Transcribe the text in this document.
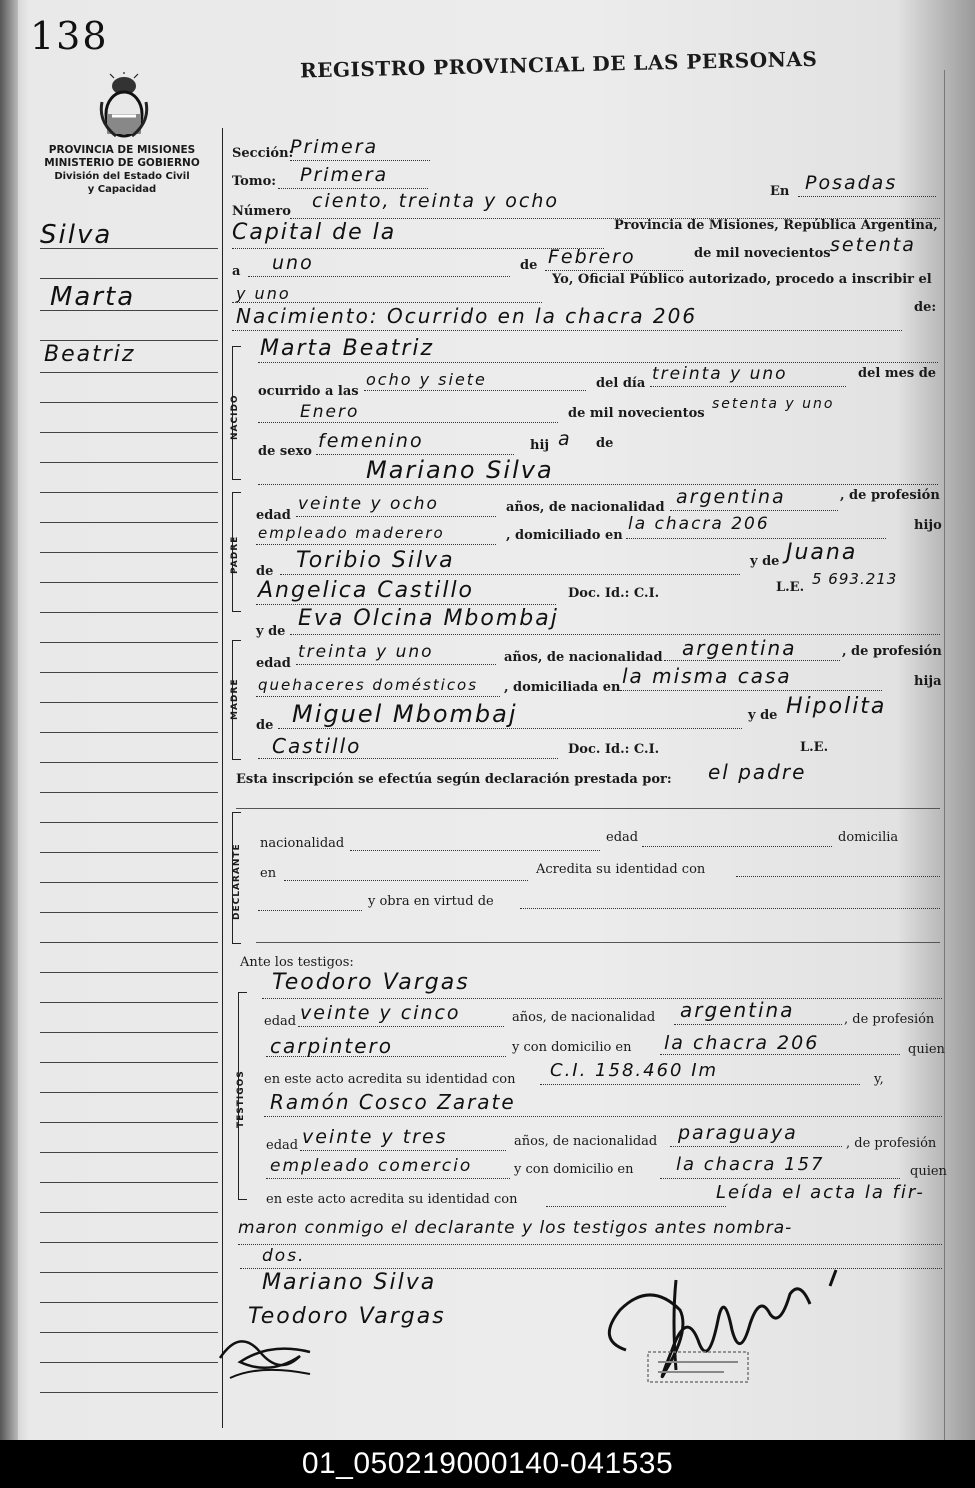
138
REGISTRO PROVINCIAL DE LAS PERSONAS
PROVINCIA DE MISIONES
MINISTERIO DE GOBIERNO
División del Estado Civil
y Capacidad
Silva
Marta
Beatriz
Sección:
Primera
Tomo: Primera
En Posadas
Número ciento, treinta y ocho
Capital de la	Provincia de Misiones, República Argentina,
a uno	de Febrero	de mil novecientos setenta
y uno
Yo, Oficial Público autorizado, procedo a inscribir el
Nacimiento: Ocurrido en la chacra 206	de:
NACIDO
Marta Beatriz
ocurrido a las
ocho y siete	del día treinta y uno	del mes de
Enero	de mil novecientos
setenta y uno
de sexo femenino	hij a de
Mariano Silva
PADRE
edad
veinte y ocho	años, de nacionalidad argentina	, de profesión
empleado maderero	, domiciliado en
la chacra 206	hijo
de Toribio Silva	y de Juana
Angelica Castillo	Doc. Id.: C.I.	L.E. 5 693.213
y de
Eva Olcina Mbombaj
MADRE
edad
treinta y uno	años, de nacionalidad argentina	, de profesión
quehaceres domésticos , domiciliada en la misma casa	hija
de Miguel Mbombaj	y de Hipolita
Castillo	Doc. Id.: C.I.	L.E.
Esta inscripción se efectúa según declaración prestada por: el padre
DECLARANTE	nacionalidad	edad	domicilia
en	Acredita su identidad con
y obra en virtud de
Ante los testigos:
TESTIGOS
Teodoro Vargas
edad veinte y cinco	años, de nacionalidad argentina	, de profesión
carpintero	y con domicilio en la chacra 206	quien
en este acto acredita su identidad con C.I. 158.460 Im	y,
Ramón Cosco Zarate
edad veinte y tres	años, de nacionalidad paraguaya	, de profesión
empleado comercio	y con domicilio en la chacra 157	quien
en este acto acredita su identidad con	Leída el acta la fir-
maron conmigo el declarante y los testigos antes nombra-
dos.
Mariano Silva
Teodoro Vargas
01_050219000140-041535
